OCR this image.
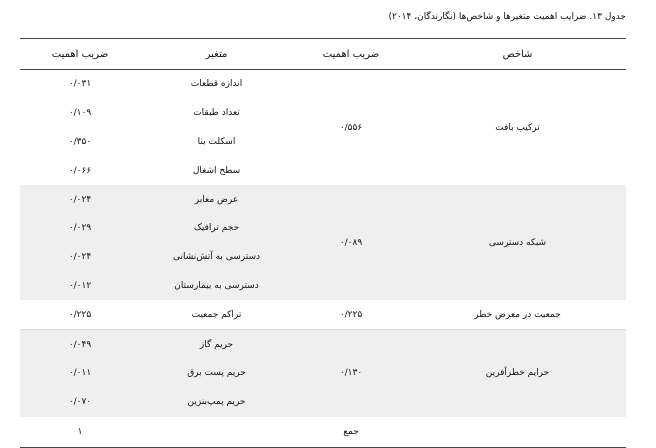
جدول ۱۳. ضرایب اهمیت متغیرها و شاخص‌ها (نگارندگان، ۲۰۱۴)
شاخص	ضریب اهمیت	متغیر	ضریب اهمیت
ترکیب بافت	۰/۵۵۶	اندازه قطعات	۰/۰۳۱
		تعداد طبقات	۰/۱۰۹
		اسکلت بنا	۰/۳۵۰
		سطح اشغال	۰/۰۶۶
شبکه دسترسی	۰/۰۸۹	عرض معابر	۰/۰۲۴
		حجم ترافیک	۰/۰۲۹
		دسترسی به آتش‌نشانی	۰/۰۲۴
		دسترسی به بیمارستان	۰/۰۱۲
جمعیت در معرض خطر	۰/۲۲۵	تراکم جمعیت	۰/۲۲۵
حرایم خطرآفرین	۰/۱۳۰	حریم گاز	۰/۰۴۹
		حریم پست برق	۰/۰۱۱
		حریم پمپ‌بنزین	۰/۰۷۰
	جمع		۱
